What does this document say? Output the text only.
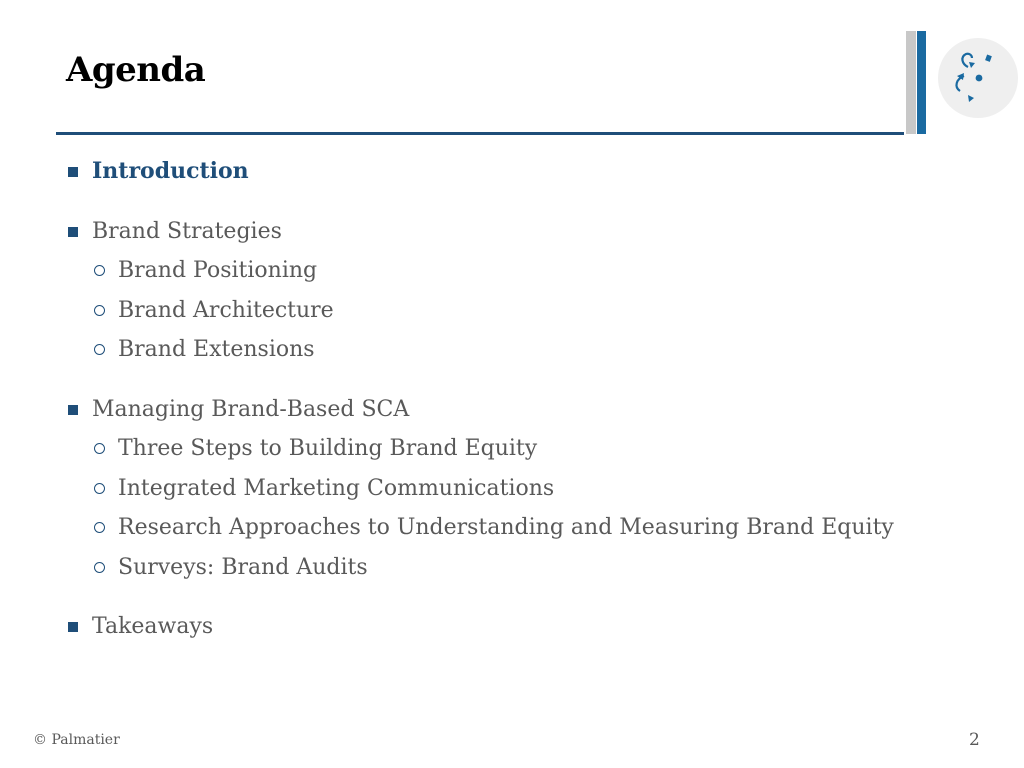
Agenda
Introduction
Brand Strategies
Brand Positioning
Brand Architecture
Brand Extensions
Managing Brand-Based SCA
Three Steps to Building Brand Equity
Integrated Marketing Communications
Research Approaches to Understanding and Measuring Brand Equity
Surveys: Brand Audits
Takeaways
© Palmatier	2
